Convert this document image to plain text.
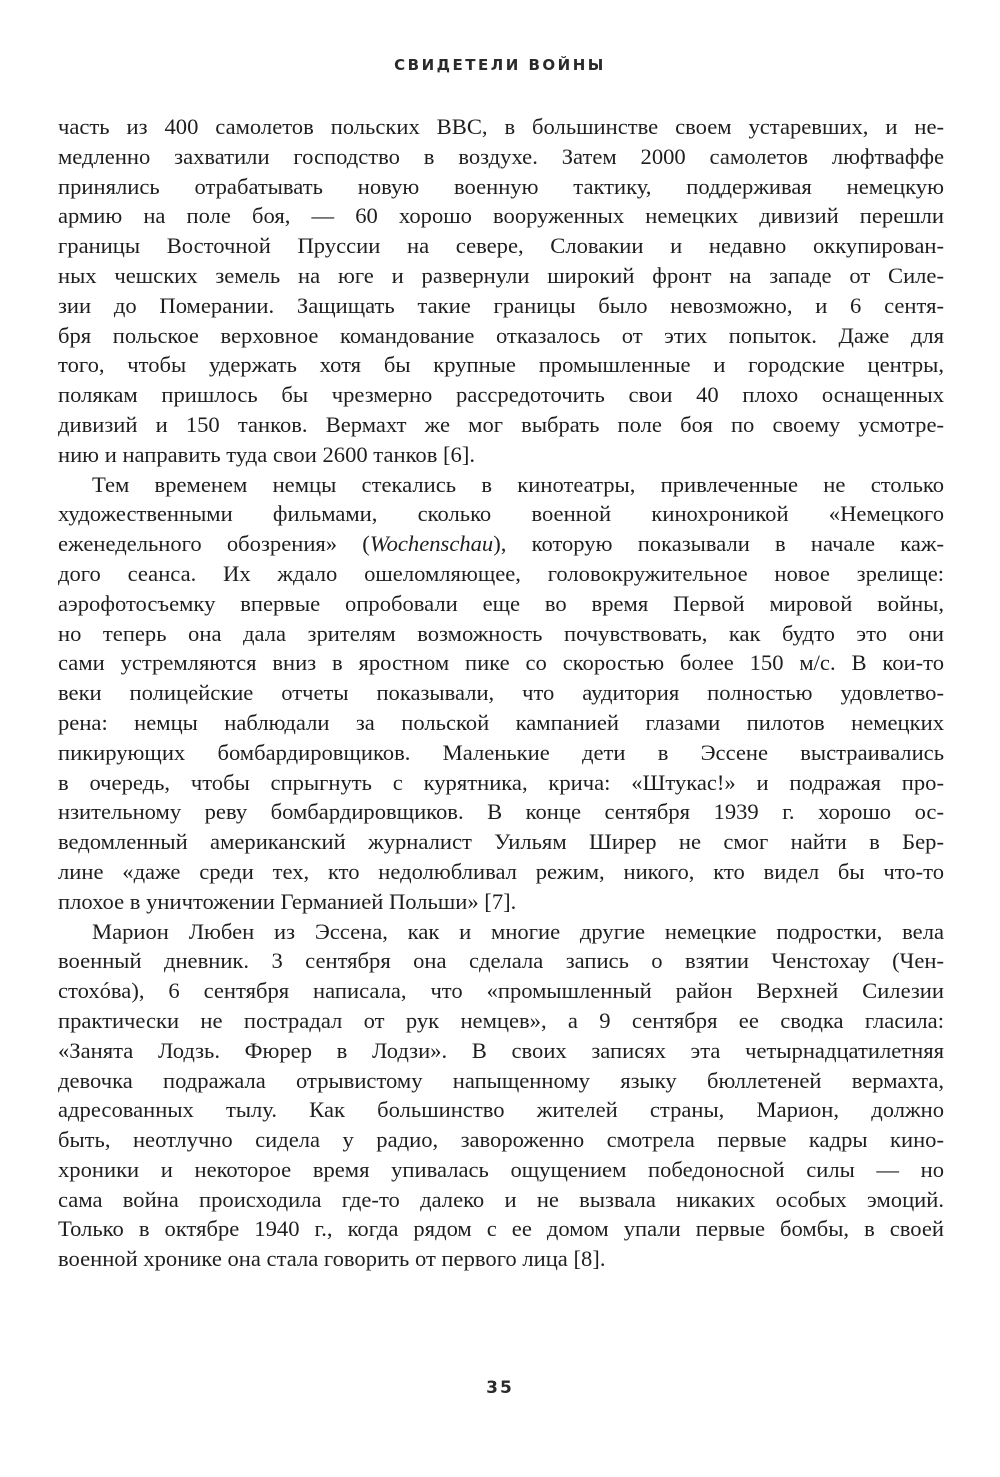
СВИДЕТЕЛИ ВОЙНЫ
часть из 400 самолетов польских ВВС, в большинстве своем устаревших, и не-
медленно захватили господство в воздухе. Затем 2000 самолетов люфтваффе
принялись отрабатывать новую военную тактику, поддерживая немецкую
армию на поле боя, — 60 хорошо вооруженных немецких дивизий перешли
границы Восточной Пруссии на севере, Словакии и недавно оккупирован-
ных чешских земель на юге и развернули широкий фронт на западе от Силе-
зии до Померании. Защищать такие границы было невозможно, и 6 сентя-
бря польское верховное командование отказалось от этих попыток. Даже для
того, чтобы удержать хотя бы крупные промышленные и городские центры,
полякам пришлось бы чрезмерно рассредоточить свои 40 плохо оснащенных
дивизий и 150 танков. Вермахт же мог выбрать поле боя по своему усмотре-
нию и направить туда свои 2600 танков [6].
Тем временем немцы стекались в кинотеатры, привлеченные не столько
художественными фильмами, сколько военной кинохроникой «Немецкого
еженедельного обозрения» (Wochenschau), которую показывали в начале каж-
дого сеанса. Их ждало ошеломляющее, головокружительное новое зрелище:
аэрофотосъемку впервые опробовали еще во время Первой мировой войны,
но теперь она дала зрителям возможность почувствовать, как будто это они
сами устремляются вниз в яростном пике со скоростью более 150 м/с. В кои-то
веки полицейские отчеты показывали, что аудитория полностью удовлетво-
рена: немцы наблюдали за польской кампанией глазами пилотов немецких
пикирующих бомбардировщиков. Маленькие дети в Эссене выстраивались
в очередь, чтобы спрыгнуть с курятника, крича: «Штукас!» и подражая про-
нзительному реву бомбардировщиков. В конце сентября 1939 г. хорошо ос-
ведомленный американский журналист Уильям Ширер не смог найти в Бер-
лине «даже среди тех, кто недолюбливал режим, никого, кто видел бы что-то
плохое в уничтожении Германией Польши» [7].
Марион Любен из Эссена, как и многие другие немецкие подростки, вела
военный дневник. 3 сентября она сделала запись о взятии Ченстохау (Чен-
стохóва), 6 сентября написала, что «промышленный район Верхней Силезии
практически не пострадал от рук немцев», а 9 сентября ее сводка гласила:
«Занята Лодзь. Фюрер в Лодзи». В своих записях эта четырнадцатилетняя
девочка подражала отрывистому напыщенному языку бюллетеней вермахта,
адресованных тылу. Как большинство жителей страны, Марион, должно
быть, неотлучно сидела у радио, завороженно смотрела первые кадры кино-
хроники и некоторое время упивалась ощущением победоносной силы — но
сама война происходила где-то далеко и не вызвала никаких особых эмоций.
Только в октябре 1940 г., когда рядом с ее домом упали первые бомбы, в своей
военной хронике она стала говорить от первого лица [8].
35
